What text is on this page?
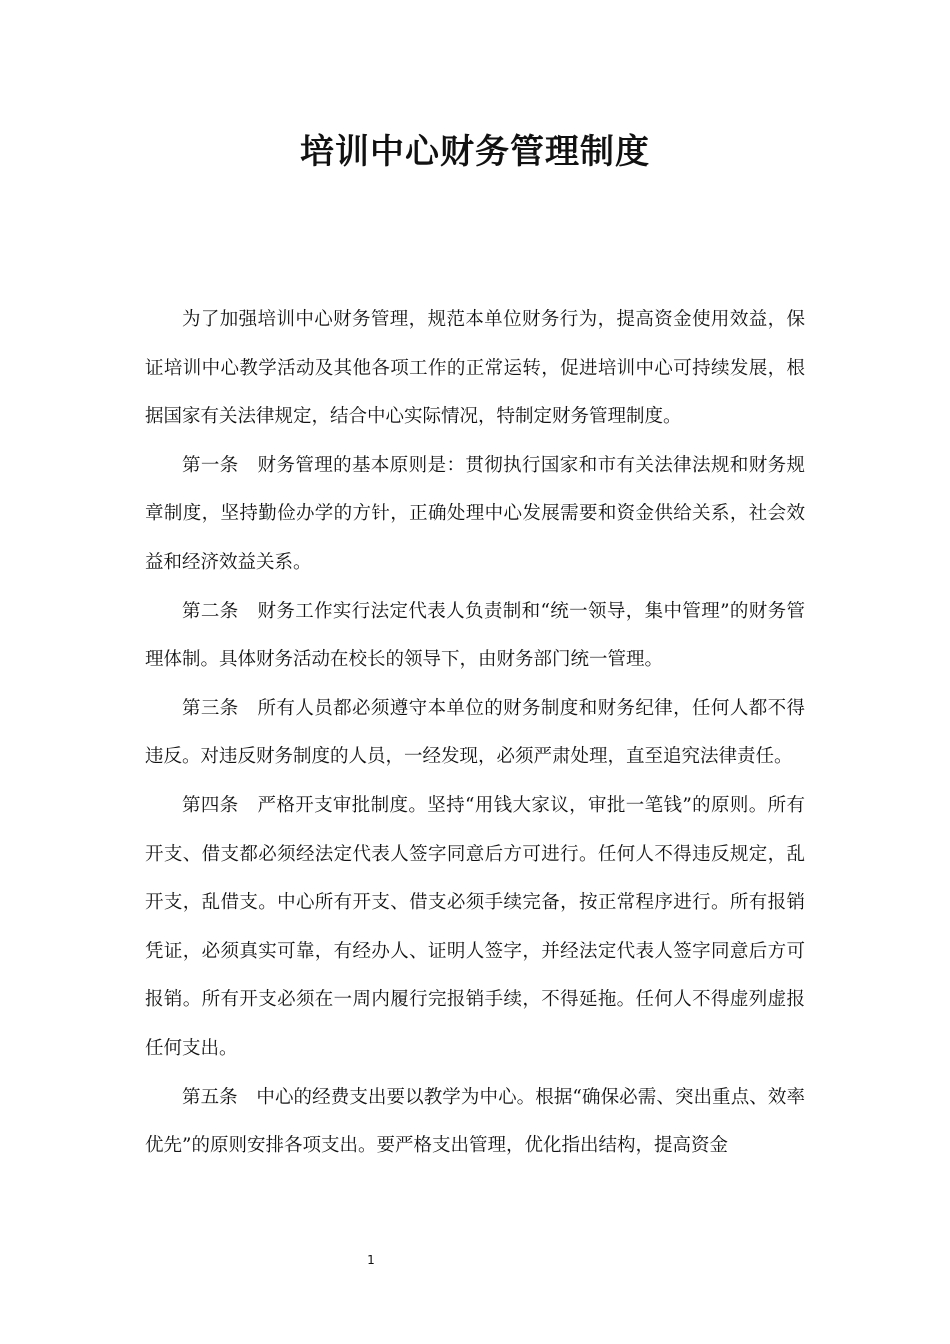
培训中心财务管理制度

为了加强培训中心财务管理，规范本单位财务行为，提高资金使用效益，保证培训中心教学活动及其他各项工作的正常运转，促进培训中心可持续发展，根据国家有关法律规定，结合中心实际情况，特制定财务管理制度。

第一条　财务管理的基本原则是：贯彻执行国家和市有关法律法规和财务规章制度，坚持勤俭办学的方针，正确处理中心发展需要和资金供给关系，社会效益和经济效益关系。

第二条　财务工作实行法定代表人负责制和“统一领导，集中管理”的财务管理体制。具体财务活动在校长的领导下，由财务部门统一管理。

第三条　所有人员都必须遵守本单位的财务制度和财务纪律，任何人都不得违反。对违反财务制度的人员，一经发现，必须严肃处理，直至追究法律责任。

第四条　严格开支审批制度。坚持“用钱大家议，审批一笔钱”的原则。所有开支、借支都必须经法定代表人签字同意后方可进行。任何人不得违反规定，乱开支，乱借支。中心所有开支、借支必须手续完备，按正常程序进行。所有报销凭证，必须真实可靠，有经办人、证明人签字，并经法定代表人签字同意后方可报销。所有开支必须在一周内履行完报销手续，不得延拖。任何人不得虚列虚报任何支出。

第五条　中心的经费支出要以教学为中心。根据“确保必需、突出重点、效率优先”的原则安排各项支出。要严格支出管理，优化指出结构，提高资金

1
